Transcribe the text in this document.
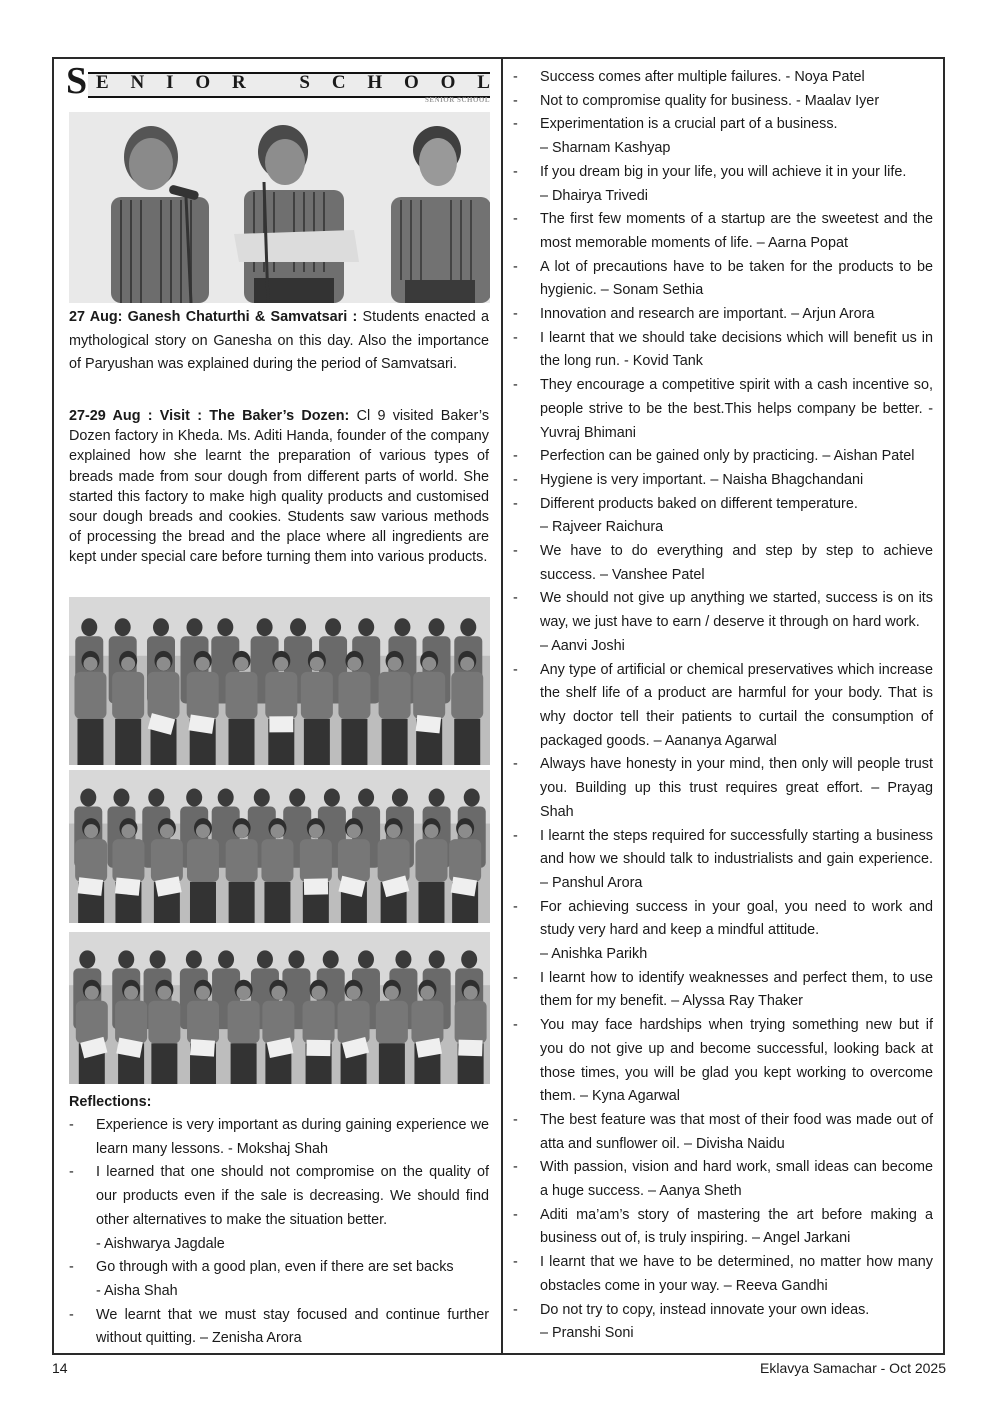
S E N I O R	S C H O O L
SENIOR SCHOOL
27 Aug: Ganesh Chaturthi & Samvatsari : Students enacted a mythological story on Ganesha on this day. Also the importance of Paryushan was explained during the period of Samvatsari.
27-29 Aug : Visit : The Baker’s Dozen: Cl 9 visited Baker’s Dozen factory in Kheda. Ms. Aditi Handa, founder of the company explained how she learnt the preparation of various types of breads made from sour dough from different parts of world. She started this factory to make high quality products and customised sour dough breads and cookies. Students saw various methods of processing the bread and the place where all ingredients are kept under special care before turning them into various products.
Reflections:
- Experience is very important as during gaining experience we learn many lessons. - Mokshaj Shah
- I learned that one should not compromise on the quality of our products even if the sale is decreasing. We should find other alternatives to make the situation better.
- Aishwarya Jagdale
- Go through with a good plan, even if there are set backs
- Aisha Shah
- We learnt that we must stay focused and continue further without quitting. – Zenisha Arora
- Success comes after multiple failures. - Noya Patel
- Not to compromise quality for business. - Maalav Iyer
- Experimentation is a crucial part of a business.
– Sharnam Kashyap
- If you dream big in your life, you will achieve it in your life.
– Dhairya Trivedi
- The first few moments of a startup are the sweetest and the most memorable moments of life. – Aarna Popat
- A lot of precautions have to be taken for the products to be hygienic. – Sonam Sethia
- Innovation and research are important. – Arjun Arora
- I learnt that we should take decisions which will benefit us in the long run. - Kovid Tank
- They encourage a competitive spirit with a cash incentive so, people strive to be the best.This helps company be better. - Yuvraj Bhimani
- Perfection can be gained only by practicing. – Aishan Patel
- Hygiene is very important. – Naisha Bhagchandani
- Different products baked on different temperature.
– Rajveer Raichura
- We have to do everything and step by step to achieve success. – Vanshee Patel
- We should not give up anything we started, success is on its way, we just have to earn / deserve it through on hard work.
– Aanvi Joshi
- Any type of artificial or chemical preservatives which increase the shelf life of a product are harmful for your body. That is why doctor tell their patients to curtail the consumption of packaged goods. – Aananya Agarwal
- Always have honesty in your mind, then only will people trust you. Building up this trust requires great effort. – Prayag Shah
- I learnt the steps required for successfully starting a business and how we should talk to industrialists and gain experience. – Panshul Arora
- For achieving success in your goal, you need to work and study very hard and keep a mindful attitude.
– Anishka Parikh
- I learnt how to identify weaknesses and perfect them, to use them for my benefit. – Alyssa Ray Thaker
- You may face hardships when trying something new but if you do not give up and become successful, looking back at those times, you will be glad you kept working to overcome them. – Kyna Agarwal
- The best feature was that most of their food was made out of atta and sunflower oil. – Divisha Naidu
- With passion, vision and hard work, small ideas can become a huge success. – Aanya Sheth
- Aditi ma’am’s story of mastering the art before making a business out of, is truly inspiring. – Angel Jarkani
- I learnt that we have to be determined, no matter how many obstacles come in your way. – Reeva Gandhi
- Do not try to copy, instead innovate your own ideas.
– Pranshi Soni
14	Eklavya Samachar - Oct 2025
